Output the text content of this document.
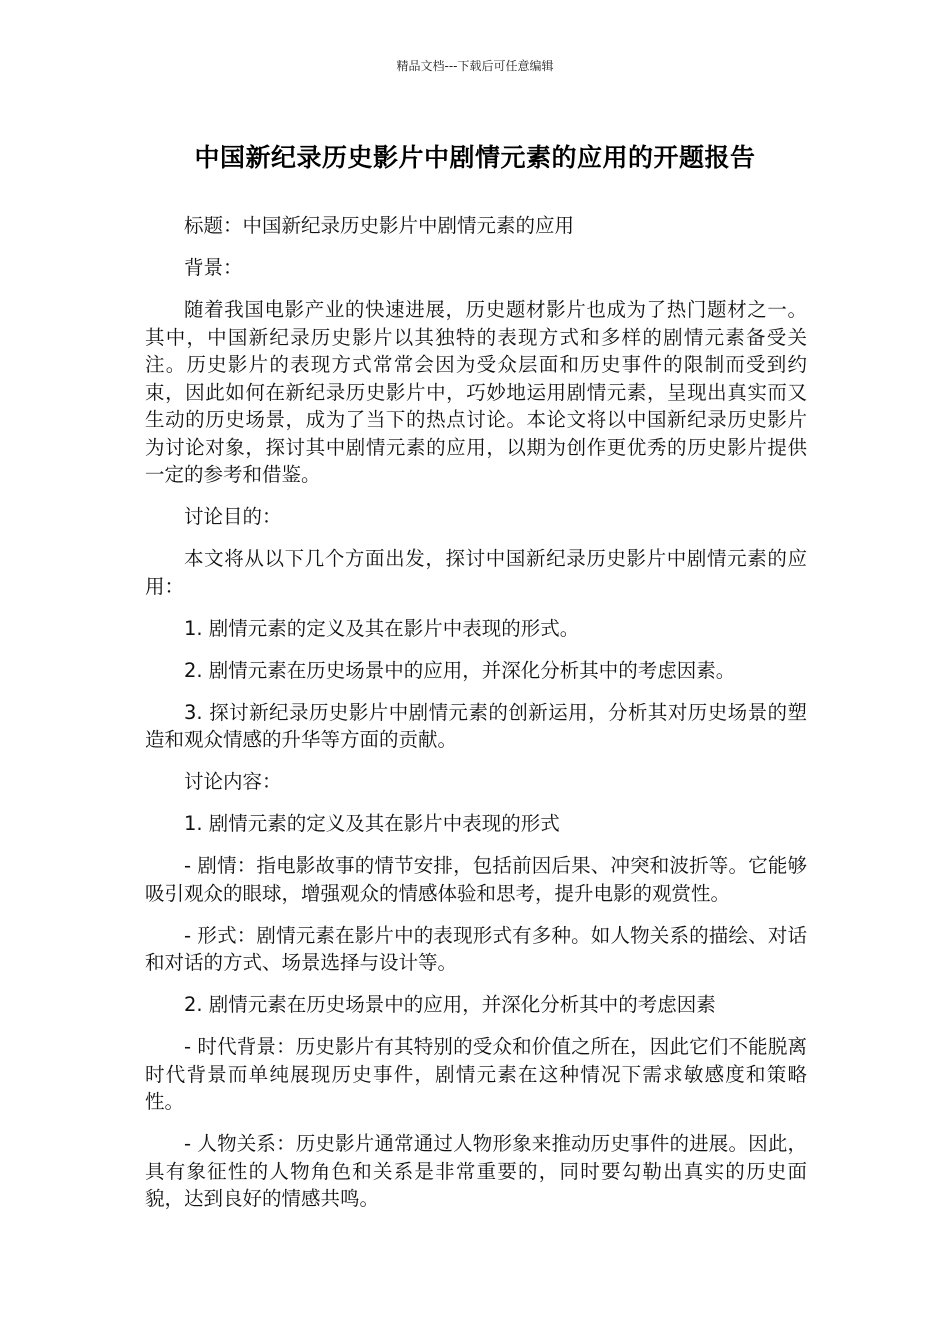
精品文档---下载后可任意编辑
中国新纪录历史影片中剧情元素的应用的开题报告

标题：中国新纪录历史影片中剧情元素的应用

背景：

随着我国电影产业的快速进展，历史题材影片也成为了热门题材之一。其中，中国新纪录历史影片以其独特的表现方式和多样的剧情元素备受关注。历史影片的表现方式常常会因为受众层面和历史事件的限制而受到约束，因此如何在新纪录历史影片中，巧妙地运用剧情元素，呈现出真实而又生动的历史场景，成为了当下的热点讨论。本论文将以中国新纪录历史影片为讨论对象，探讨其中剧情元素的应用，以期为创作更优秀的历史影片提供一定的参考和借鉴。

讨论目的：

本文将从以下几个方面出发，探讨中国新纪录历史影片中剧情元素的应用：

1. 剧情元素的定义及其在影片中表现的形式。

2. 剧情元素在历史场景中的应用，并深化分析其中的考虑因素。

3. 探讨新纪录历史影片中剧情元素的创新运用，分析其对历史场景的塑造和观众情感的升华等方面的贡献。

讨论内容：

1. 剧情元素的定义及其在影片中表现的形式

- 剧情：指电影故事的情节安排，包括前因后果、冲突和波折等。它能够吸引观众的眼球，增强观众的情感体验和思考，提升电影的观赏性。

- 形式：剧情元素在影片中的表现形式有多种。如人物关系的描绘、对话和对话的方式、场景选择与设计等。

2. 剧情元素在历史场景中的应用，并深化分析其中的考虑因素

- 时代背景：历史影片有其特别的受众和价值之所在，因此它们不能脱离时代背景而单纯展现历史事件，剧情元素在这种情况下需求敏感度和策略性。

- 人物关系：历史影片通常通过人物形象来推动历史事件的进展。因此，具有象征性的人物角色和关系是非常重要的，同时要勾勒出真实的历史面貌，达到良好的情感共鸣。
